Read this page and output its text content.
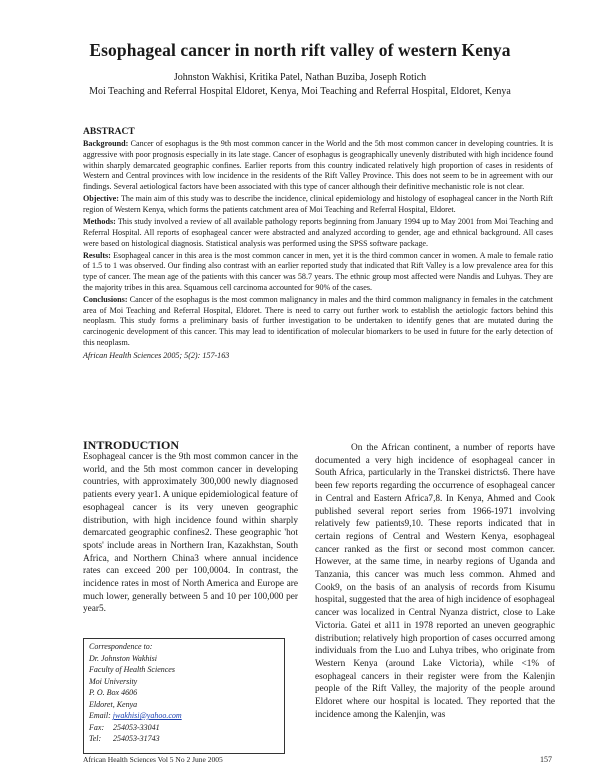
Esophageal cancer in north rift valley of western Kenya
Johnston Wakhisi, Kritika Patel, Nathan Buziba, Joseph Rotich
Moi Teaching and Referral Hospital Eldoret, Kenya, Moi Teaching and Referral Hospital, Eldoret, Kenya

ABSTRACT

Background: Cancer of esophagus is the 9th most common cancer in the World and the 5th most common cancer in developing countries. It is aggressive with poor prognosis especially in its late stage. Cancer of esophagus is geographically unevenly distributed with high incidence found within sharply demarcated geographic confines. Earlier reports from this country indicated relatively high proportion of cases in residents of Western and Central provinces with low incidence in the residents of the Rift Valley Province. This does not seem to be in agreement with our findings. Several aetiological factors have been associated with this type of cancer although their definitive mechanistic role is not clear.

Objective: The main aim of this study was to describe the incidence, clinical epidemiology and histology of esophageal cancer in the North Rift region of Western Kenya, which forms the patients catchment area of Moi Teaching and Referral Hospital, Eldoret.

Methods: This study involved a review of all available pathology reports beginning from January 1994 up to May 2001 from Moi Teaching and Referral Hospital. All reports of esophageal cancer were abstracted and analyzed according to gender, age and ethnical background. All cases were based on histological diagnosis. Statistical analysis was performed using the SPSS software package.

Results: Esophageal cancer in this area is the most common cancer in men, yet it is the third common cancer in women. A male to female ratio of 1.5 to 1 was observed. Our finding also contrast with an earlier reported study that indicated that Rift Valley is a low prevalence area for this type of cancer. The mean age of the patients with this cancer was 58.7 years. The ethnic group most affected were Nandis and Luhyas. They are the majority tribes in this area. Squamous cell carcinoma accounted for 90% of the cases.

Conclusions: Cancer of the esophagus is the most common malignancy in males and the third common malignancy in females in the catchment area of Moi Teaching and Referral Hospital, Eldoret. There is need to carry out further work to establish the aetiologic factors behind this neoplasm. This study forms a preliminary basis of further investigation to be undertaken to identify genes that are mutated during the carcinogenic development of this cancer. This may lead to identification of molecular biomarkers to be used in future for the early detection of this neoplasm.

African Health Sciences 2005; 5(2): 157-163

INTRODUCTION

Esophageal cancer is the 9th most common cancer in the world, and the 5th most common cancer in developing countries, with approximately 300,000 newly diagnosed patients every year1. A unique epidemiological feature of esophageal cancer is its very uneven geographic distribution, with high incidence found within sharply demarcated geographic confines2. These geographic 'hot spots' include areas in Northern Iran, Kazakhstan, South Africa, and Northern China3 where annual incidence rates can exceed 200 per 100,0004. In contrast, the incidence rates in most of North America and Europe are much lower, generally between 5 and 10 per 100,000 per year5.

On the African continent, a number of reports have documented a very high incidence of esophageal cancer in South Africa, particularly in the Transkei districts6. There have been few reports regarding the occurrence of esophageal cancer in Central and Eastern Africa7,8. In Kenya, Ahmed and Cook published several report series from 1966-1971 involving relatively few patients9,10. These reports indicated that in certain regions of Central and Western Kenya, esophageal cancer ranked as the first or second most common cancer. However, at the same time, in nearby regions of Uganda and Tanzania, this cancer was much less common. Ahmed and Cook9, on the basis of an analysis of records from Kisumu hospital, suggested that the area of high incidence of esophageal cancer was localized in Central Nyanza district, close to Lake Victoria. Gatei et al11 in 1978 reported an uneven geographic distribution; relatively high proportion of cases occurred among individuals from the Luo and Luhya tribes, who originate from Western Kenya (around Lake Victoria), while <1% of esophageal cancers in their register were from the Kalenjin people of the Rift Valley, the majority of the people around Eldoret where our hospital is located. They reported that the incidence among the Kalenjin, was

Correspondence to:
Dr. Johnston Wakhisi
Faculty of Health Sciences
Moi University
P. O. Box 4606
Eldoret, Kenya
Email: jwakhisi@yahoo.com
Fax: 254053-33041
Tel: 254053-31743
African Health Sciences Vol 5 No 2 June 2005	157
